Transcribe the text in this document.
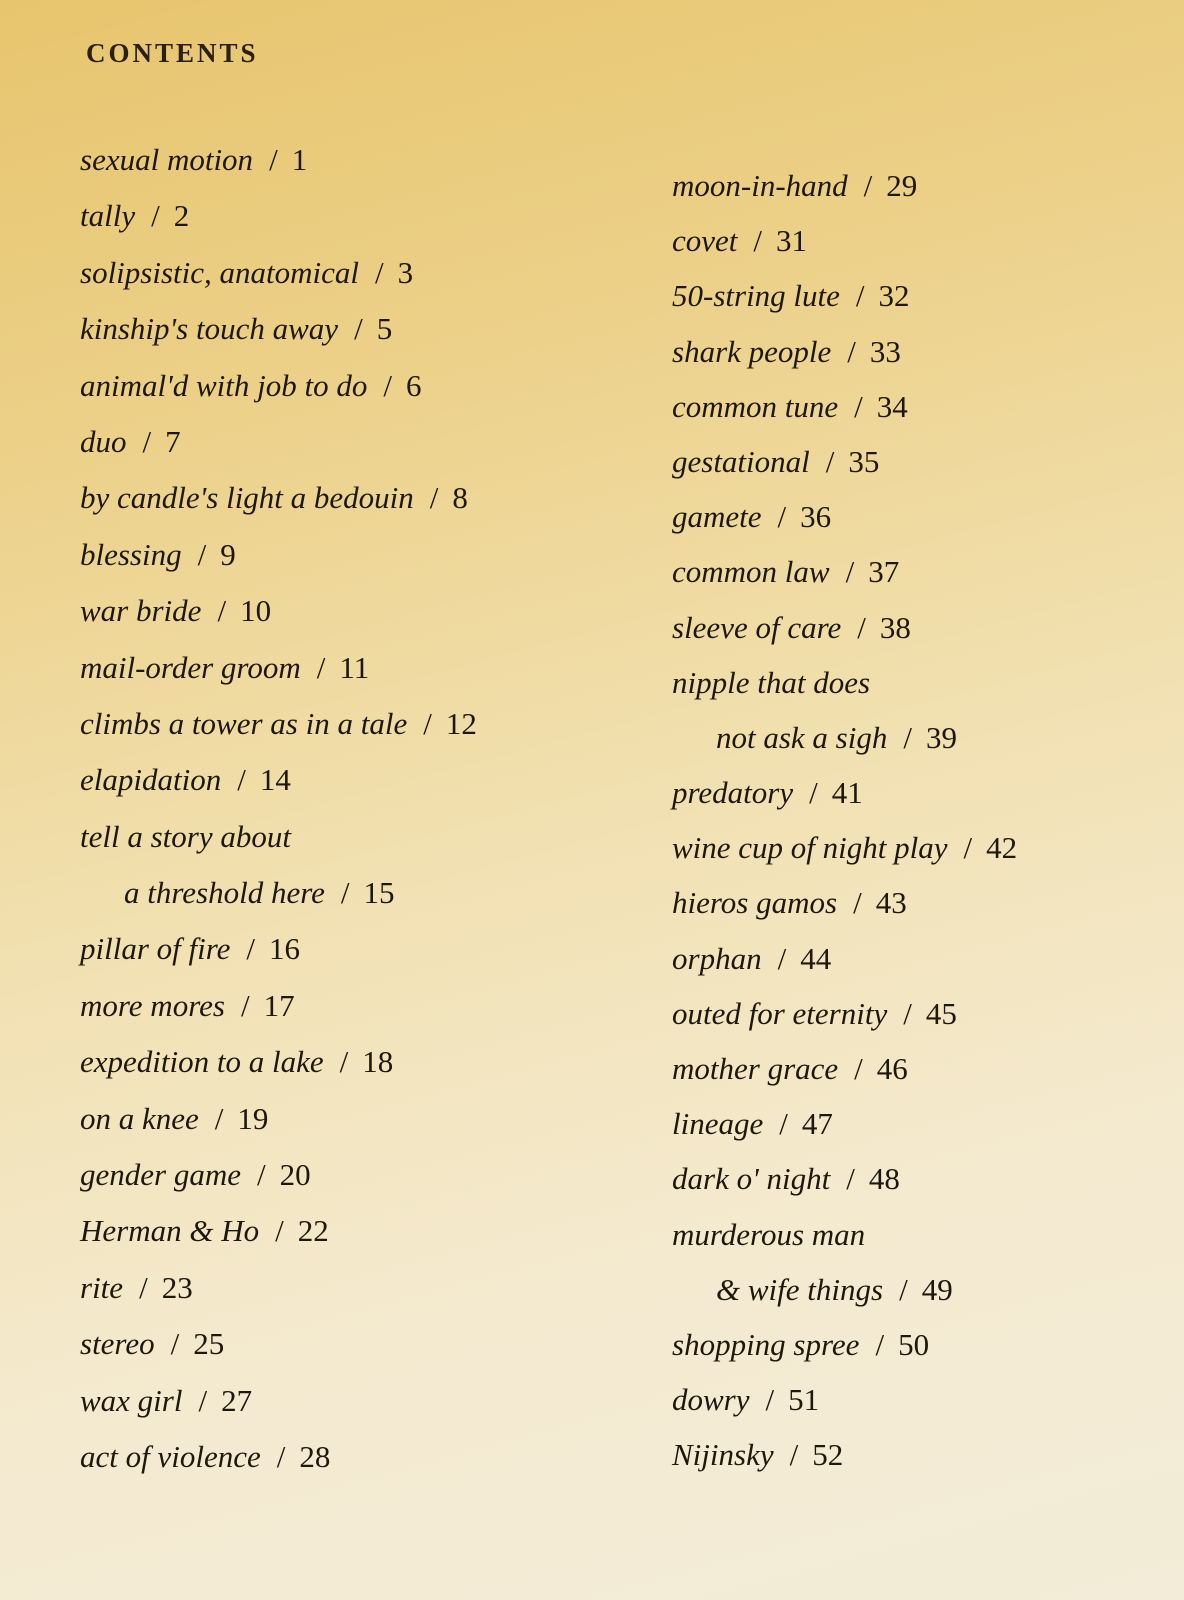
CONTENTS
sexual motion / 1
tally / 2
solipsistic, anatomical / 3
kinship's touch away / 5
animal'd with job to do / 6
duo / 7
by candle's light a bedouin / 8
blessing / 9
war bride / 10
mail-order groom / 11
climbs a tower as in a tale / 12
elapidation / 14
tell a story about
a threshold here / 15
pillar of fire / 16
more mores / 17
expedition to a lake / 18
on a knee / 19
gender game / 20
Herman & Ho / 22
rite / 23
stereo / 25
wax girl / 27
act of violence / 28
moon-in-hand / 29
covet / 31
50-string lute / 32
shark people / 33
common tune / 34
gestational / 35
gamete / 36
common law / 37
sleeve of care / 38
nipple that does
not ask a sigh / 39
predatory / 41
wine cup of night play / 42
hieros gamos / 43
orphan / 44
outed for eternity / 45
mother grace / 46
lineage / 47
dark o' night / 48
murderous man
& wife things / 49
shopping spree / 50
dowry / 51
Nijinsky / 52
